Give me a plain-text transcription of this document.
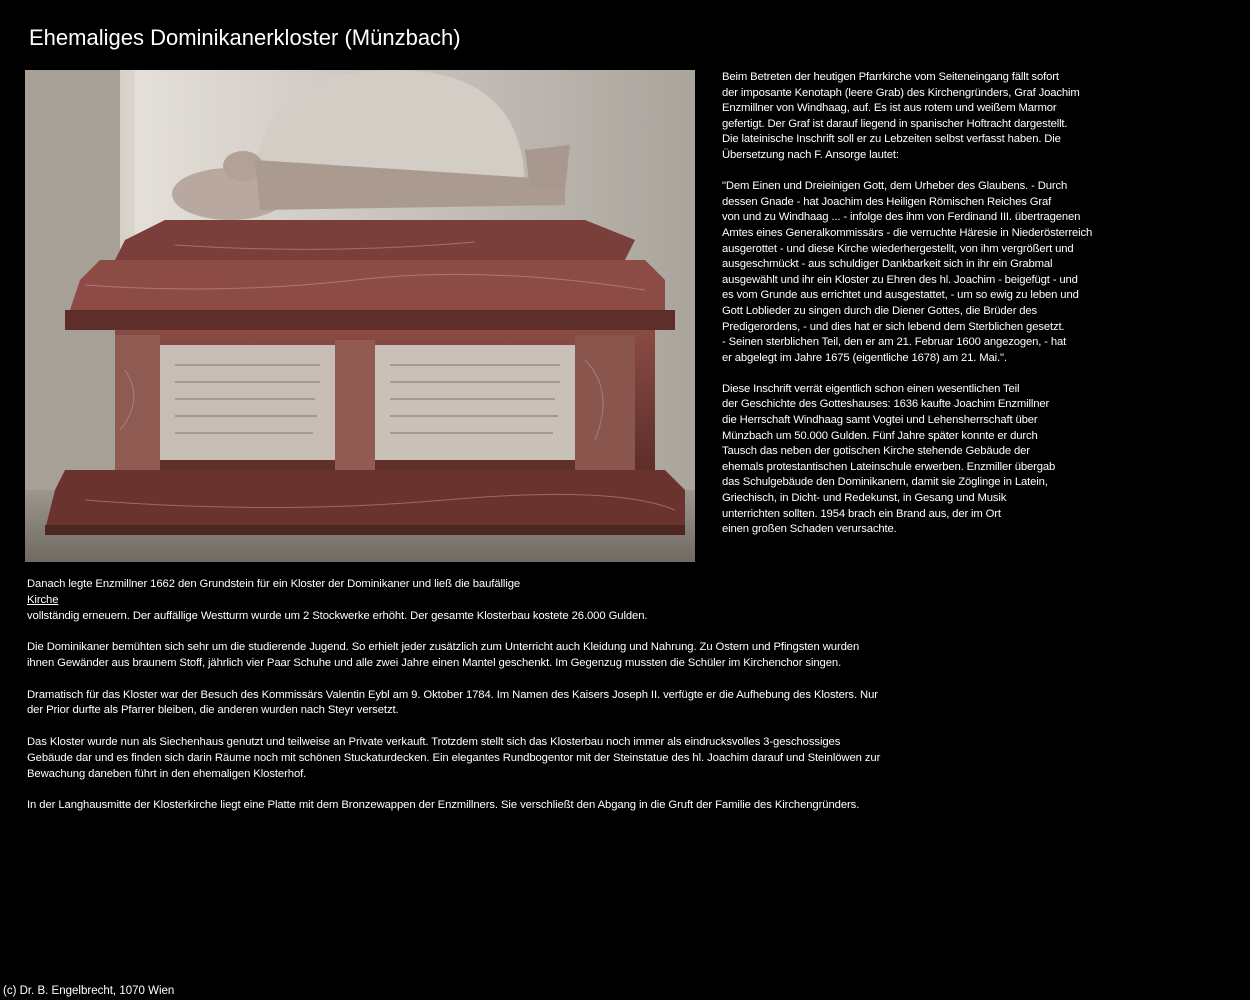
Ehemaliges Dominikanerkloster (Münzbach)

Beim Betreten der heutigen Pfarrkirche vom Seiteneingang fällt sofort
der imposante Kenotaph (leere Grab) des Kirchengründers, Graf Joachim
Enzmillner von Windhaag, auf. Es ist aus rotem und weißem Marmor
gefertigt. Der Graf ist darauf liegend in spanischer Hoftracht dargestellt.
Die lateinische Inschrift soll er zu Lebzeiten selbst verfasst haben. Die
Übersetzung nach F. Ansorge lautet:

"Dem Einen und Dreieinigen Gott, dem Urheber des Glaubens. - Durch
dessen Gnade - hat Joachim des Heiligen Römischen Reiches Graf
von und zu Windhaag ... - infolge des ihm von Ferdinand III. übertragenen
Amtes eines Generalkommissärs - die verruchte Häresie in Niederösterreich
ausgerottet - und diese Kirche wiederhergestellt, von ihm vergrößert und
ausgeschmückt - aus schuldiger Dankbarkeit sich in ihr ein Grabmal
ausgewählt und ihr ein Kloster zu Ehren des hl. Joachim - beigefügt - und
es vom Grunde aus errichtet und ausgestattet, - um so ewig zu leben und
Gott Loblieder zu singen durch die Diener Gottes, die Brüder des
Predigerordens, - und dies hat er sich lebend dem Sterblichen gesetzt.
- Seinen sterblichen Teil, den er am 21. Februar 1600 angezogen, - hat
er abgelegt im Jahre 1675 (eigentliche 1678) am 21. Mai.".

Diese Inschrift verrät eigentlich schon einen wesentlichen Teil
der Geschichte des Gotteshauses: 1636 kaufte Joachim Enzmillner
die Herrschaft Windhaag samt Vogtei und Lehensherrschaft über
Münzbach um 50.000 Gulden. Fünf Jahre später konnte er durch
Tausch das neben der gotischen Kirche stehende Gebäude der
ehemals protestantischen Lateinschule erwerben. Enzmiller übergab
das Schulgebäude den Dominikanern, damit sie Zöglinge in Latein,
Griechisch, in Dicht- und Redekunst, in Gesang und Musik
unterrichten sollten. 1954 brach ein Brand aus, der im Ort
einen großen Schaden verursachte.

Danach legte Enzmillner 1662 den Grundstein für ein Kloster der Dominikaner und ließ die baufällige
Kirche
vollständig erneuern. Der auffällige Westturm wurde um 2 Stockwerke erhöht. Der gesamte Klosterbau kostete 26.000 Gulden.

Die Dominikaner bemühten sich sehr um die studierende Jugend. So erhielt jeder zusätzlich zum Unterricht auch Kleidung und Nahrung. Zu Ostern und Pfingsten wurden
ihnen Gewänder aus braunem Stoff, jährlich vier Paar Schuhe und alle zwei Jahre einen Mantel geschenkt. Im Gegenzug mussten die Schüler im Kirchenchor singen.

Dramatisch für das Kloster war der Besuch des Kommissärs Valentin Eybl am 9. Oktober 1784. Im Namen des Kaisers Joseph II. verfügte er die Aufhebung des Klosters. Nur
der Prior durfte als Pfarrer bleiben, die anderen wurden nach Steyr versetzt.

Das Kloster wurde nun als Siechenhaus genutzt und teilweise an Private verkauft. Trotzdem stellt sich das Klosterbau noch immer als eindrucksvolles 3-geschossiges
Gebäude dar und es finden sich darin Räume noch mit schönen Stuckaturdecken. Ein elegantes Rundbogentor mit der Steinstatue des hl. Joachim darauf und Steinlöwen zur
Bewachung daneben führt in den ehemaligen Klosterhof.

In der Langhausmitte der Klosterkirche liegt eine Platte mit dem Bronzewappen der Enzmillners. Sie verschließt den Abgang in die Gruft der Familie des Kirchengründers.

(c) Dr. B. Engelbrecht, 1070 Wien
